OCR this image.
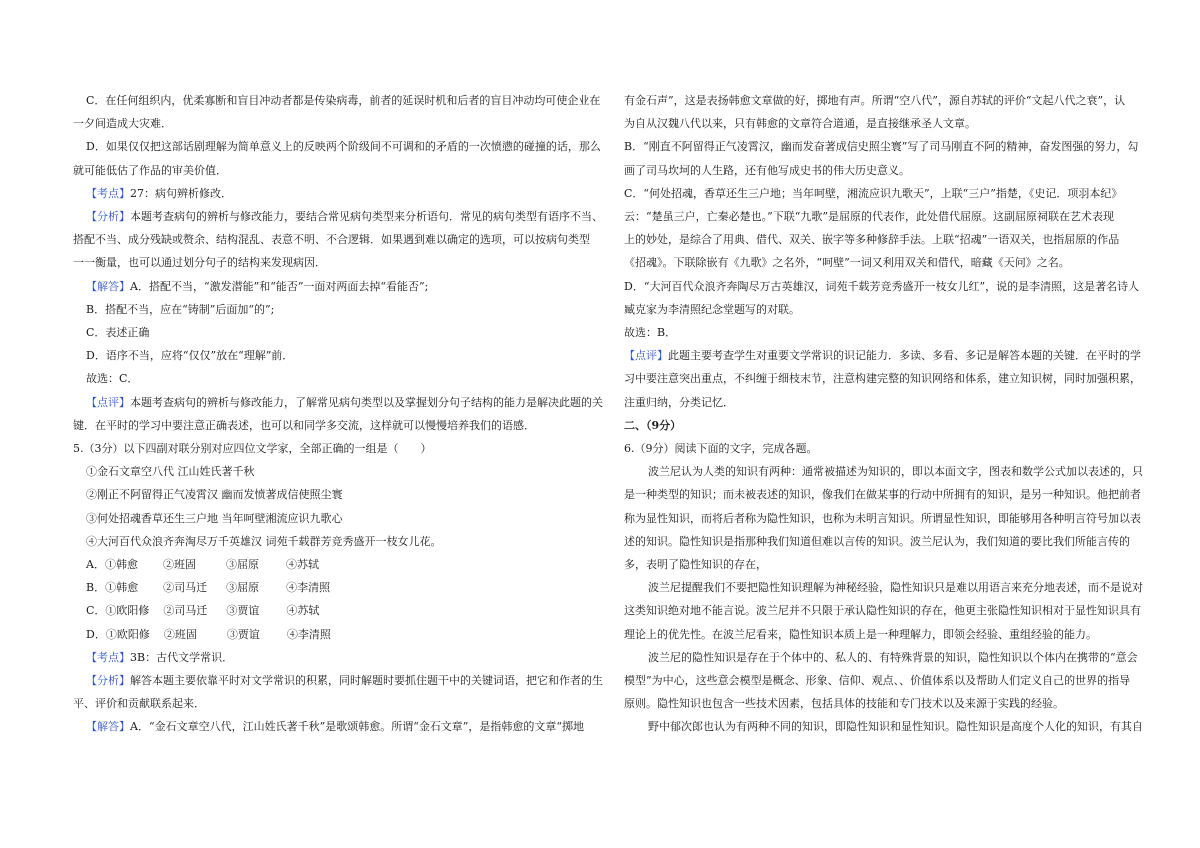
C．在任何组织内，优柔寡断和盲目冲动者都是传染病毒，前者的延误时机和后者的盲目冲动均可使企业在
一夕间造成大灾难．
D．如果仅仅把这部话剧理解为简单意义上的反映两个阶级间不可调和的矛盾的一次愤懑的碰撞的话，那么
就可能低估了作品的审美价值．
【考点】27：病句辨析修改．
【分析】本题考查病句的辨析与修改能力，要结合常见病句类型来分析语句．常见的病句类型有语序不当、
搭配不当、成分残缺或赘余、结构混乱、表意不明、不合逻辑．如果遇到难以确定的选项，可以按病句类型
一一衡量，也可以通过划分句子的结构来发现病因．
【解答】A．搭配不当，“激发潜能”和“能否”一面对两面去掉“看能否”;
B．搭配不当，应在“铸制”后面加“的”;
C．表述正确
D．语序不当，应将“仅仅”放在“理解”前．
故选：C．
【点评】本题考查病句的辨析与修改能力，了解常见病句类型以及掌握划分句子结构的能力是解决此题的关
键．在平时的学习中要注意正确表述，也可以和同学多交流，这样就可以慢慢培养我们的语感．
5.（3分）以下四副对联分别对应四位文学家，全部正确的一组是（　　）
①金石文章空八代 江山姓氏著千秋
②刚正不阿留得正气凌霄汉 幽而发愤著成信使照尘寰
③何处招魂香草还生三户地 当年呵壁湘流应识九歌心
④大河百代众浪齐奔淘尽万千英雄汉 词苑千载群芳竞秀盛开一枝女儿花。
A．①韩愈 ②班固	③屈原 ④苏轼
B．①韩愈 ②司马迁 ③屈原 ④李清照
C．①欧阳修 ②司马迁 ③贾谊 ④苏轼
D．①欧阳修 ②班固	③贾谊 ④李清照
【考点】3B：古代文学常识．
【分析】解答本题主要依靠平时对文学常识的积累，同时解题时要抓住题干中的关键词语，把它和作者的生
平、评价和贡献联系起来．
【解答】A．“金石文章空八代，江山姓氏著千秋”是歌颂韩愈。所谓“金石文章”，是指韩愈的文章“掷地
有金石声”，这是表扬韩愈文章做的好，掷地有声。所谓“空八代”，源自苏轼的评价“文起八代之衰”，认
为自从汉魏八代以来，只有韩愈的文章符合道通，是直接继承圣人文章。
B．“刚直不阿留得正气凌霄汉，幽而发奋著成信史照尘寰”写了司马刚直不阿的精神，奋发图强的努力，勾
画了司马坎坷的人生路，还有他写成史书的伟大历史意义。
C．“何处招魂，香草还生三户地；当年呵壁，湘流应识九歌天”，上联“三户”指楚，《史记．项羽本纪》
云：“楚虽三户，亡秦必楚也。”下联“九歌”是屈原的代表作，此处借代屈原。这副屈原祠联在艺术表现
上的妙处，是综合了用典、借代、双关、嵌字等多种修辞手法。上联“招魂”一语双关，也指屈原的作品
《招魂》。下联除嵌有《九歌》之名外，“呵壁”一词又利用双关和借代，暗藏《天问》之名。
D．“大河百代众浪齐奔陶尽万古英雄汉，词苑千载芳竞秀盛开一枝女儿红”，说的是李清照，这是著名诗人
臧克家为李清照纪念堂题写的对联。
故选：B．
【点评】此题主要考查学生对重要文学常识的识记能力．多读、多看、多记是解答本题的关键．在平时的学
习中要注意突出重点，不纠缠于细枝末节，注意构建完整的知识网络和体系，建立知识树，同时加强积累，
注重归纳，分类记忆．
二、（9分）
6.（9分）阅读下面的文字，完成各题。
波兰尼认为人类的知识有两种：通常被描述为知识的，即以本面文字，图表和数学公式加以表述的，只
是一种类型的知识；而未被表述的知识，像我们在做某事的行动中所拥有的知识，是另一种知识。他把前者
称为显性知识，而将后者称为隐性知识，也称为未明言知识。所谓显性知识，即能够用各种明言符号加以表
述的知识。隐性知识是指那种我们知道但难以言传的知识。波兰尼认为，我们知道的要比我们所能言传的
多，表明了隐性知识的存在，
波兰尼提醒我们不要把隐性知识理解为神秘经验，隐性知识只是难以用语言来充分地表述，而不是说对
这类知识绝对地不能言说。波兰尼并不只限于承认隐性知识的存在，他更主张隐性知识相对于显性知识具有
理论上的优先性。在波兰尼看来，隐性知识本质上是一种理解力，即领会经验、重组经验的能力。
波兰尼的隐性知识是存在于个体中的、私人的、有特殊背景的知识，隐性知识以个体内在携带的“意会
模型”为中心，这些意会模型是概念、形象、信仰、观点、、价值体系以及帮助人们定义自己的世界的指导
原则。隐性知识也包含一些技术因素，包括具体的技能和专门技术以及来源于实践的经验。
野中郁次郎也认为有两种不同的知识，即隐性知识和显性知识。隐性知识是高度个人化的知识，有其自
